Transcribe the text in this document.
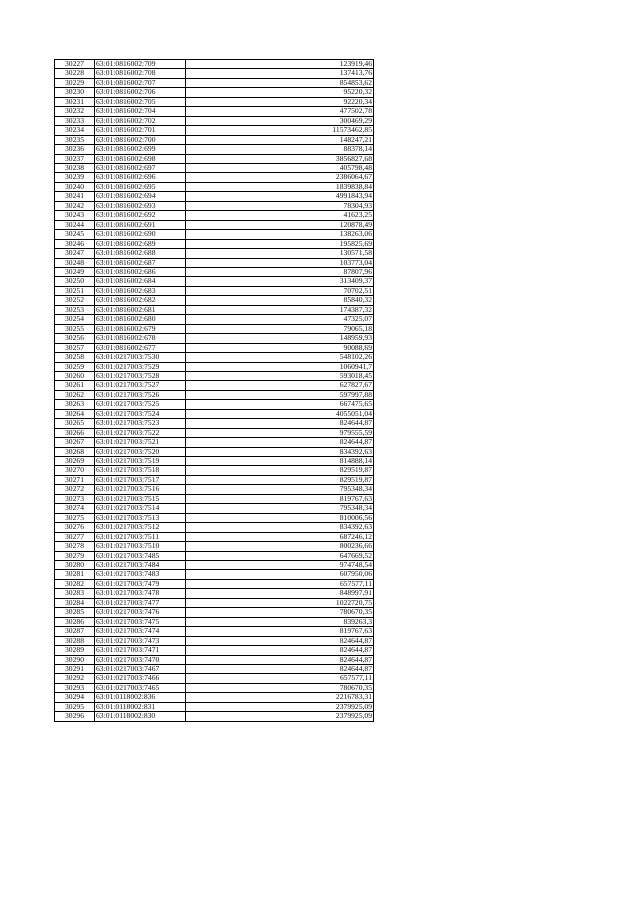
30227	63:01:0816002:709	123919,46
30228	63:01:0816002:708	137413,76
30229	63:01:0816002:707	854853,62
30230	63:01:0816002:706	95220,32
30231	63:01:0816002:705	92220,34
30232	63:01:0816002:704	477502,78
30233	63:01:0816002:702	300469,29
30234	63:01:0816002:701	11573462,85
30235	63:01:0816002:700	148247,21
30236	63:01:0816002:699	88378,14
30237	63:01:0816002:698	3856827,68
30238	63:01:0816002:697	405798,48
30239	63:01:0816002:696	2386064,67
30240	63:01:0816002:695	1839838,84
30241	63:01:0816002:694	4991843,94
30242	63:01:0816002:693	78304,93
30243	63:01:0816002:692	41623,25
30244	63:01:0816002:691	120878,49
30245	63:01:0816002:690	138263,06
30246	63:01:0816002:689	195825,69
30247	63:01:0816002:688	130571,58
30248	63:01:0816002:687	103773,04
30249	63:01:0816002:686	87807,96
30250	63:01:0816002:684	313409,37
30251	63:01:0816002:683	70702,51
30252	63:01:0816002:682	85840,32
30253	63:01:0816002:681	174387,32
30254	63:01:0816002:680	47325,07
30255	63:01:0816002:679	79065,18
30256	63:01:0816002:678	148959,93
30257	63:01:0816002:677	90088,69
30258	63:01:0217003:7530	548102,26
30259	63:01:0217003:7529	1060941,7
30260	63:01:0217003:7528	593018,45
30261	63:01:0217003:7527	627827,67
30262	63:01:0217003:7526	597997,88
30263	63:01:0217003:7525	667475,65
30264	63:01:0217003:7524	4055051,04
30265	63:01:0217003:7523	824644,87
30266	63:01:0217003:7522	979555,59
30267	63:01:0217003:7521	824644,87
30268	63:01:0217003:7520	834392,63
30269	63:01:0217003:7519	814888,14
30270	63:01:0217003:7518	829519,87
30271	63:01:0217003:7517	829519,87
30272	63:01:0217003:7516	795348,34
30273	63:01:0217003:7515	819767,63
30274	63:01:0217003:7514	795348,34
30275	63:01:0217003:7513	810006,56
30276	63:01:0217003:7512	834392,63
30277	63:01:0217003:7511	687246,12
30278	63:01:0217003:7510	800236,66
30279	63:01:0217003:7485	647669,52
30280	63:01:0217003:7484	974748,54
30281	63:01:0217003:7483	607950,06
30282	63:01:0217003:7479	657577,11
30283	63:01:0217003:7478	848997,91
30284	63:01:0217003:7477	1022720,75
30285	63:01:0217003:7476	780670,35
30286	63:01:0217003:7475	839263,3
30287	63:01:0217003:7474	819767,63
30288	63:01:0217003:7473	824644,87
30289	63:01:0217003:7471	824644,87
30290	63:01:0217003:7470	824644,87
30291	63:01:0217003:7467	824644,87
30292	63:01:0217003:7466	657577,11
30293	63:01:0217003:7465	780670,35
30294	63:01:0118002:836	2216783,31
30295	63:01:0118002:831	2379925,09
30296	63:01:0118002:830	2379925,09
